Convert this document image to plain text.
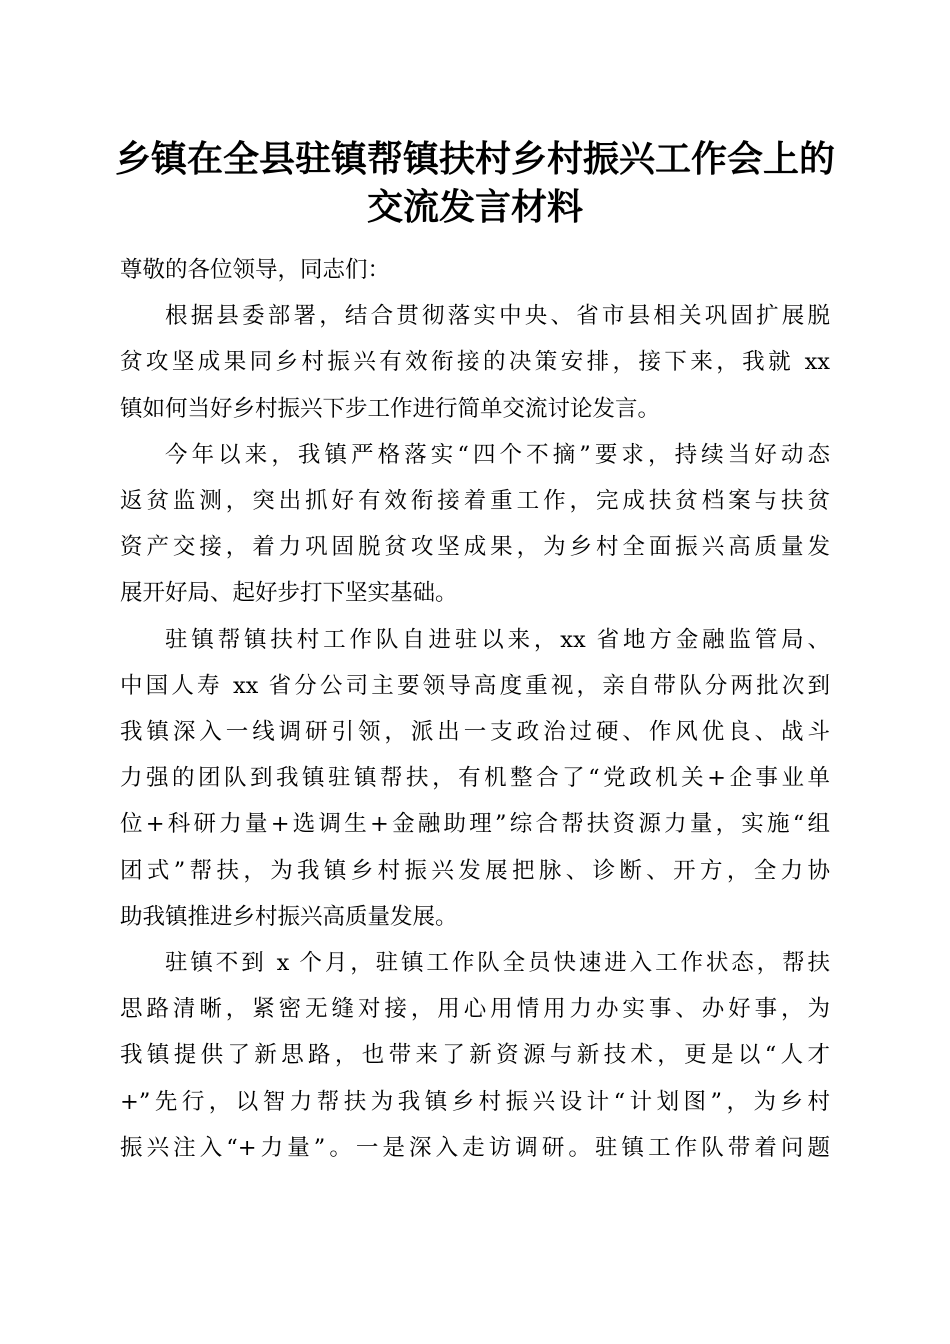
乡镇在全县驻镇帮镇扶村乡村振兴工作会上的
交流发言材料

尊敬的各位领导，同志们：

根据县委部署，结合贯彻落实中央、省市县相关巩固扩展脱
贫攻坚成果同乡村振兴有效衔接的决策安排，接下来，我就 xx
镇如何当好乡村振兴下步工作进行简单交流讨论发言。

今年以来，我镇严格落实“四个不摘”要求，持续当好动态
返贫监测，突出抓好有效衔接着重工作，完成扶贫档案与扶贫
资产交接，着力巩固脱贫攻坚成果，为乡村全面振兴高质量发
展开好局、起好步打下坚实基础。

驻镇帮镇扶村工作队自进驻以来，xx 省地方金融监管局、
中国人寿 xx 省分公司主要领导高度重视，亲自带队分两批次到
我镇深入一线调研引领，派出一支政治过硬、作风优良、战斗
力强的团队到我镇驻镇帮扶，有机整合了“党政机关+企事业单
位+科研力量+选调生+金融助理”综合帮扶资源力量，实施“组
团式”帮扶，为我镇乡村振兴发展把脉、诊断、开方，全力协
助我镇推进乡村振兴高质量发展。

驻镇不到 x 个月，驻镇工作队全员快速进入工作状态，帮扶
思路清晰，紧密无缝对接，用心用情用力办实事、办好事，为
我镇提供了新思路，也带来了新资源与新技术，更是以“人才
+”先行，以智力帮扶为我镇乡村振兴设计“计划图”，为乡村
振兴注入“+力量”。一是深入走访调研。驻镇工作队带着问题
